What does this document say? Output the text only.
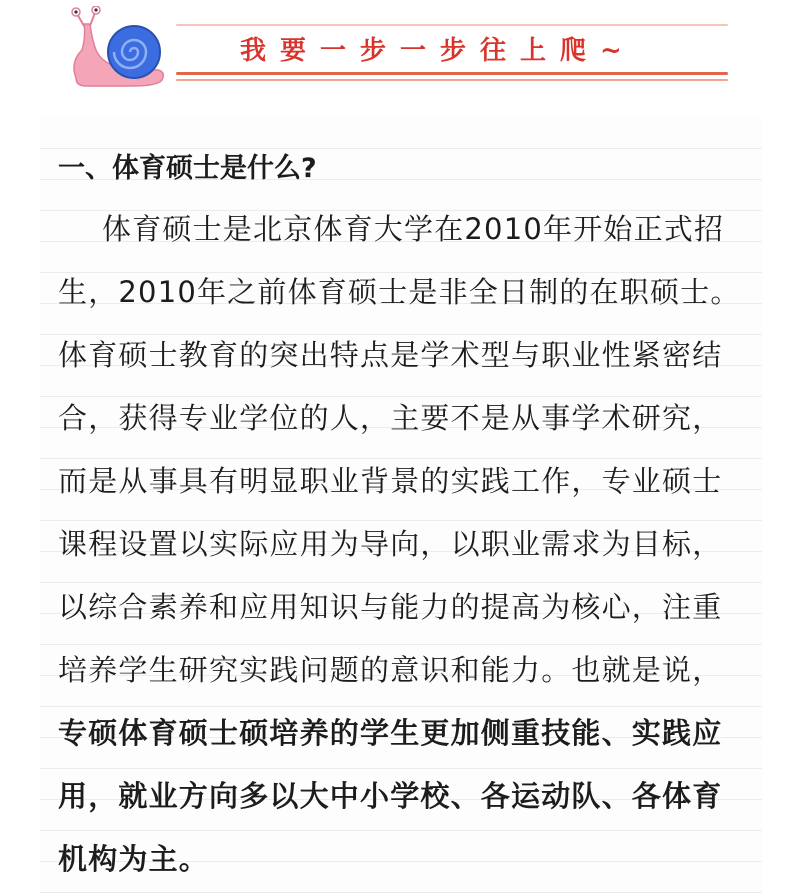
我要一步一步往上爬~
一、体育硕士是什么?

体育硕士是北京体育大学在2010年开始正式招生，2010年之前体育硕士是非全日制的在职硕士。体育硕士教育的突出特点是学术型与职业性紧密结合，获得专业学位的人，主要不是从事学术研究，而是从事具有明显职业背景的实践工作，专业硕士课程设置以实际应用为导向，以职业需求为目标，以综合素养和应用知识与能力的提高为核心，注重培养学生研究实践问题的意识和能力。也就是说，专硕体育硕士硕培养的学生更加侧重技能、实践应用，就业方向多以大中小学校、各运动队、各体育机构为主。
